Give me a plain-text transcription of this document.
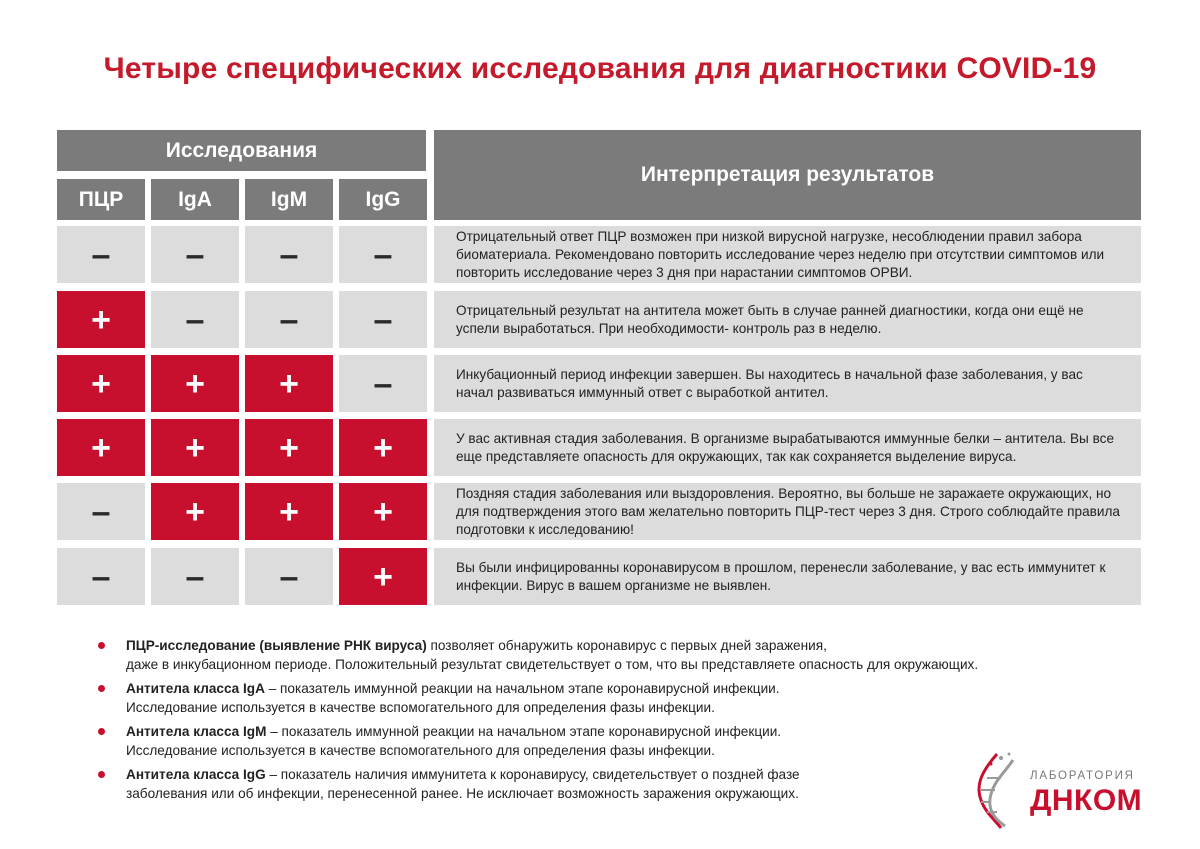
Четыре специфических исследования для диагностики COVID-19
Исследования
Интерпретация результатов
ПЦР	IgA	IgM	IgG
– – – –	Отрицательный ответ ПЦР возможен при низкой вирусной нагрузке, несоблюдении правил забора биоматериала. Рекомендовано повторить исследование через неделю при отсутствии симптомов или повторить исследование через 3 дня при нарастании симптомов ОРВИ.
+ – – –	Отрицательный результат на антитела может быть в случае ранней диагностики, когда они ещё не успели выработаться. При необходимости- контроль раз в неделю.
+ + + –	Инкубационный период инфекции завершен. Вы находитесь в начальной фазе заболевания, у вас начал развиваться иммунный ответ с выработкой антител.
+ + + +	У вас активная стадия заболевания. В организме вырабатываются иммунные белки – антитела. Вы все еще представляете опасность для окружающих, так как сохраняется выделение вируса.
– + + +	Поздняя стадия заболевания или выздоровления. Вероятно, вы больше не заражаете окружающих, но для подтверждения этого вам желательно повторить ПЦР-тест через 3 дня. Строго соблюдайте правила подготовки к исследованию!
– – – +	Вы были инфицированны коронавирусом в прошлом, перенесли заболевание, у вас есть иммунитет к инфекции. Вирус в вашем организме не выявлен.
ПЦР-исследование (выявление РНК вируса) позволяет обнаружить коронавирус с первых дней заражения,
даже в инкубационном периоде. Положительный результат свидетельствует о том, что вы представляете опасность для окружающих.
Антитела класса IgA – показатель иммунной реакции на начальном этапе коронавирусной инфекции.
Исследование используется в качестве вспомогательного для определения фазы инфекции.
Антитела класса IgM – показатель иммунной реакции на начальном этапе коронавирусной инфекции.
Исследование используется в качестве вспомогательного для определения фазы инфекции.
Антитела класса IgG – показатель наличия иммунитета к коронавирусу, свидетельствует о поздней фазе
заболевания или об инфекции, перенесенной ранее. Не исключает возможность заражения окружающих.
ЛАБОРАТОРИЯ
ДНКОМ
